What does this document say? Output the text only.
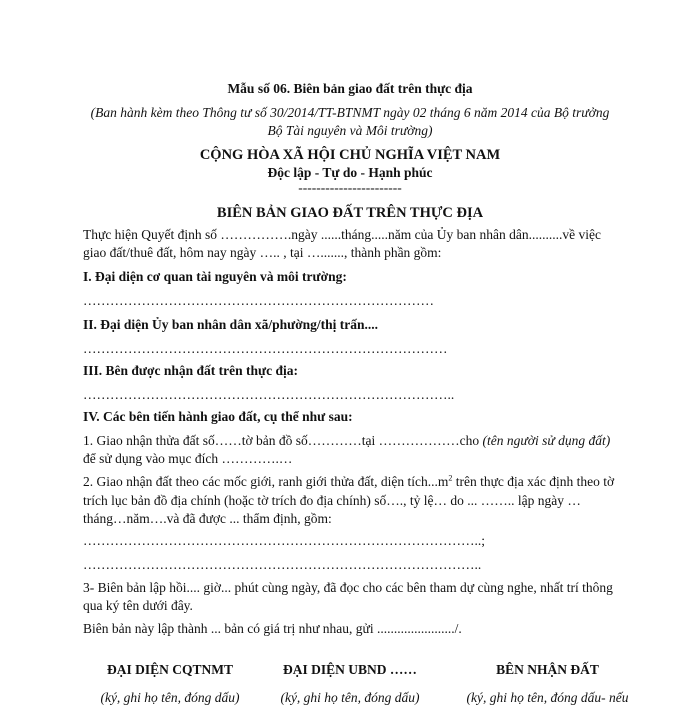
Mẫu số 06. Biên bản giao đất trên thực địa
(Ban hành kèm theo Thông tư số 30/2014/TT-BTNMT ngày 02 tháng 6 năm 2014 của Bộ trưởng
Bộ Tài nguyên và Môi trường)
CỘNG HÒA XÃ HỘI CHỦ NGHĨA VIỆT NAM
Độc lập - Tự do - Hạnh phúc
-----------------------
BIÊN BẢN GIAO ĐẤT TRÊN THỰC ĐỊA
Thực hiện Quyết định số …………….ngày ......tháng.....năm của Ủy ban nhân dân..........về việc
giao đất/thuê đất, hôm nay ngày ….. , tại …......., thành phần gồm:
I. Đại diện cơ quan tài nguyên và môi trường:
……………………………………………………………………
II. Đại diện Ủy ban nhân dân xã/phường/thị trấn....
………………………………………………………………………
III. Bên được nhận đất trên thực địa:
………………………………………………………………………..
IV. Các bên tiến hành giao đất, cụ thể như sau:
1. Giao nhận thửa đất số……tờ bản đồ số…………tại ………………cho (tên người sử dụng đất)
để sử dụng vào mục đích ………….…
2. Giao nhận đất theo các mốc giới, ranh giới thửa đất, diện $tích...m^2$ trên thực địa xác định theo tờ
trích lục bản đồ địa chính (hoặc tờ trích đo địa chính) số…., tỷ lệ… do ... …….. lập ngày …
tháng…năm….và đã được ... thẩm định, gồm:
……………………………………………………………………………..;
……………………………………………………………………………..
3- Biên bản lập hồi.... giờ... phút cùng ngày, đã đọc cho các bên tham dự cùng nghe, nhất trí thông
qua ký tên dưới đây.
Biên bản này lập thành ... bản có giá trị như nhau, gửi ......................./.
ĐẠI DIỆN CQTNMT
(ký, ghi họ tên, đóng dấu)
ĐẠI DIỆN UBND ……
(ký, ghi họ tên, đóng dấu)
BÊN NHẬN ĐẤT
(ký, ghi họ tên, đóng dấu- nếu
